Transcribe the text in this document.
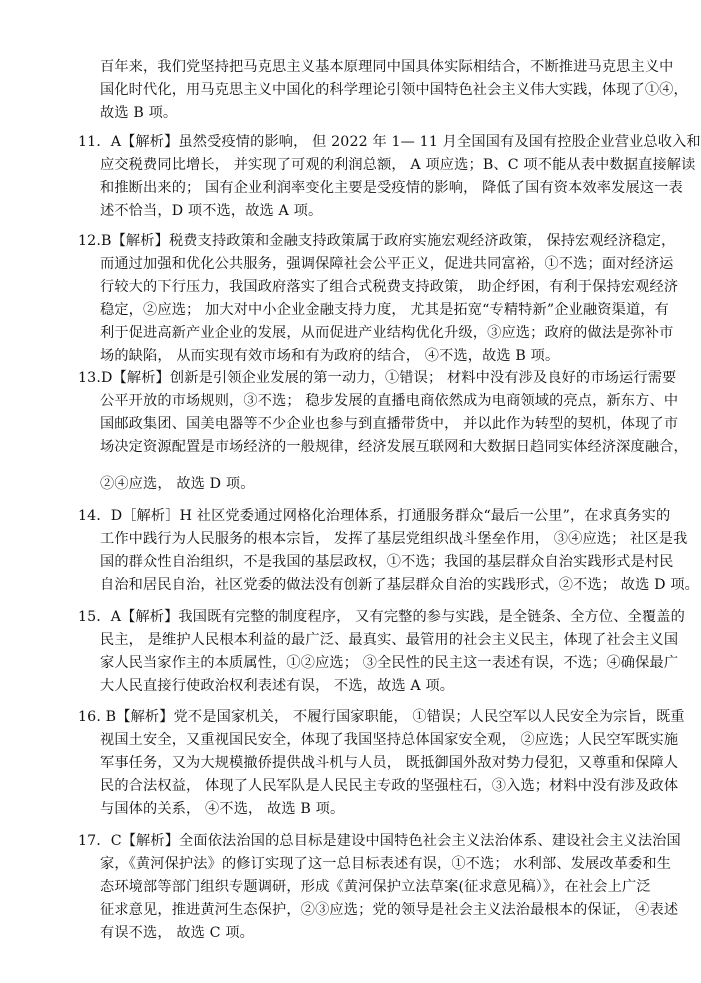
百年来，我们党坚持把马克思主义基本原理同中国具体实际相结合，不断推进马克思主义中
国化时代化，用马克思主义中国化的科学理论引领中国特色社会主义伟大实践，体现了①④，
故选 B 项。
11．A【解析】虽然受疫情的影响， 但 2022 年 1— 11 月全国国有及国有控股企业营业总收入和
应交税费同比增长， 并实现了可观的利润总额， A 项应选；B、C 项不能从表中数据直接解读
和推断出来的； 国有企业利润率变化主要是受疫情的影响， 降低了国有资本效率发展这一表
述不恰当，D 项不选，故选 A 项。
12.B【解析】税费支持政策和金融支持政策属于政府实施宏观经济政策， 保持宏观经济稳定，
而通过加强和优化公共服务，强调保障社会公平正义，促进共同富裕，①不选；面对经济运
行较大的下行压力，我国政府落实了组合式税费支持政策， 助企纾困，有利于保持宏观经济
稳定，②应选； 加大对中小企业金融支持力度， 尤其是拓宽“专精特新”企业融资渠道，有
利于促进高新产业企业的发展，从而促进产业结构优化升级，③应选；政府的做法是弥补市
场的缺陷， 从而实现有效市场和有为政府的结合， ④不选，故选 B 项。
13.D【解析】创新是引领企业发展的第一动力，①错误； 材料中没有涉及良好的市场运行需要
公平开放的市场规则，③不选； 稳步发展的直播电商依然成为电商领域的亮点，新东方、中
国邮政集团、国美电器等不少企业也参与到直播带货中， 并以此作为转型的契机，体现了市
场决定资源配置是市场经济的一般规律，经济发展互联网和大数据日趋同实体经济深度融合，
②④应选， 故选 D 项。
14．D［解析］H 社区党委通过网格化治理体系，打通服务群众“最后一公里”，在求真务实的
工作中践行为人民服务的根本宗旨， 发挥了基层党组织战斗堡垒作用， ③④应选； 社区是我
国的群众性自治组织，不是我国的基层政权，①不选；我国的基层群众自治实践形式是村民
自治和居民自治，社区党委的做法没有创新了基层群众自治的实践形式，②不选； 故选 D 项。
15．A【解析】我国既有完整的制度程序， 又有完整的参与实践，是全链条、全方位、全覆盖的
民主， 是维护人民根本利益的最广泛、最真实、最管用的社会主义民主，体现了社会主义国
家人民当家作主的本质属性，①②应选； ③全民性的民主这一表述有误，不选；④确保最广
大人民直接行使政治权利表述有误， 不选，故选 A 项。
16. B【解析】党不是国家机关， 不履行国家职能， ①错误；人民空军以人民安全为宗旨，既重
视国土安全，又重视国民安全，体现了我国坚持总体国家安全观， ②应选；人民空军既实施
军事任务，又为大规模撤侨提供战斗机与人员， 既抵御国外敌对势力侵犯，又尊重和保障人
民的合法权益， 体现了人民军队是人民民主专政的坚强柱石，③入选；材料中没有涉及政体
与国体的关系， ④不选， 故选 B 项。
17．C【解析】全面依法治国的总目标是建设中国特色社会主义法治体系、建设社会主义法治国
家，《黄河保护法》的修订实现了这一总目标表述有误，①不选； 水利部、发展改革委和生
态环境部等部门组织专题调研，形成《黄河保护立法草案(征求意见稿）》，在社会上广泛
征求意见，推进黄河生态保护，②③应选；党的领导是社会主义法治最根本的保证， ④表述
有误不选， 故选 C 项。
